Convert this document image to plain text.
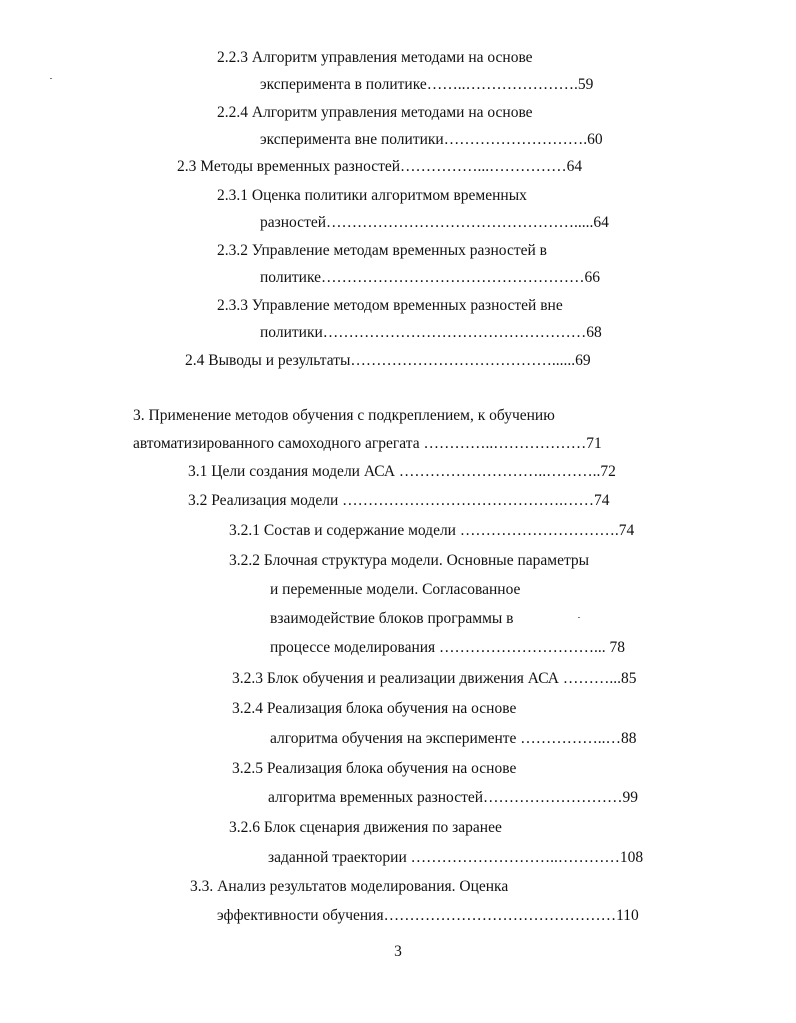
2.2.3 Алгоритм управления методами на основе
эксперимента в политике……..………………….59
2.2.4 Алгоритм управления методами на основе
эксперимента вне политики……………………….60
2.3 Методы временных разностей……………...……………64
2.3.1 Оценка политики алгоритмом временных
разностей………………………………………….....64
2.3.2 Управление методам временных разностей в
политике……………………………………………66
2.3.3 Управление методом временных разностей вне
политики……………………………………………68
2.4 Выводы и результаты…………………………………......69
3. Применение методов обучения с подкреплением, к обучению
автоматизированного самоходного агрегата …………..………………71
3.1 Цели создания модели АСА ………………………..………..72
3.2 Реализация модели …………………………………….……74
3.2.1 Состав и содержание модели ………………………….74
3.2.2 Блочная структура модели. Основные параметры
и переменные модели. Согласованное
взаимодействие блоков программы в
процессе моделирования …………………………... 78
3.2.3 Блок обучения и реализации движения АСА ………...85
3.2.4 Реализация блока обучения на основе
алгоритма обучения на эксперименте ……………..…88
3.2.5 Реализация блока обучения на основе
алгоритма временных разностей………………………99
3.2.6 Блок сценария движения по заранее
заданной траектории ………………………..…………108
3.3. Анализ результатов моделирования. Оценка
эффективности обучения………………………………………110
3
